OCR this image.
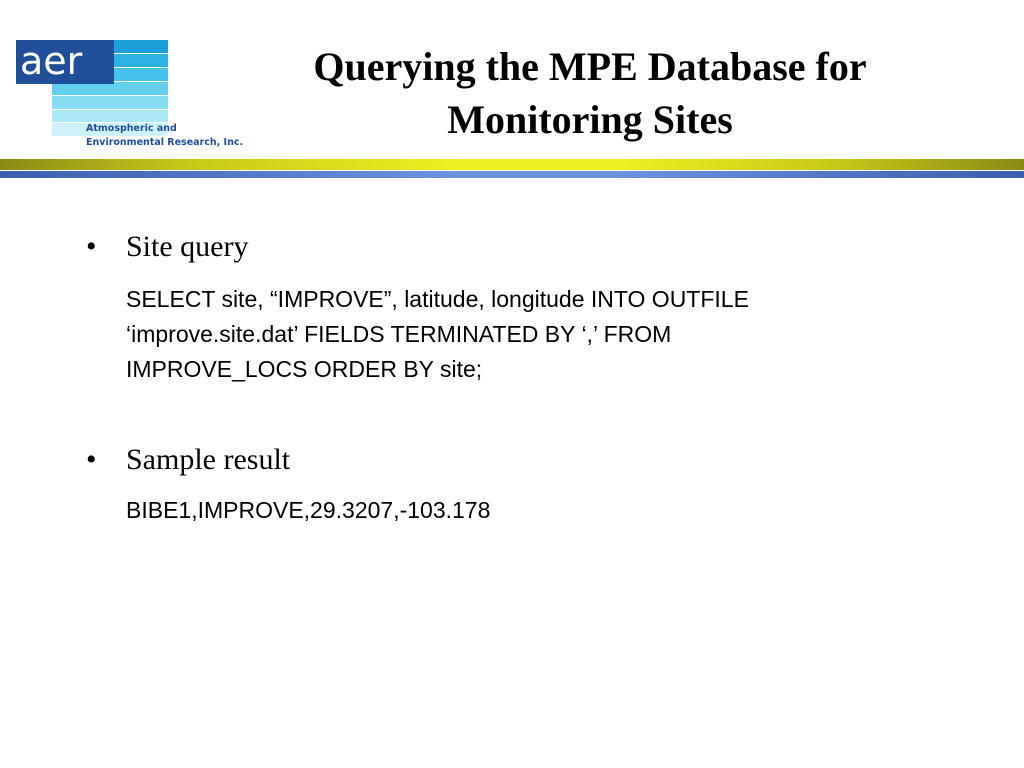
aer
Atmospheric and
Environmental Research, Inc.
Querying the MPE Database for
Monitoring Sites
• Site query
SELECT site, “IMPROVE”, latitude, longitude INTO OUTFILE
‘improve.site.dat’ FIELDS TERMINATED BY ‘,’ FROM
IMPROVE_LOCS ORDER BY site;
• Sample result
BIBE1,IMPROVE,29.3207,-103.178
